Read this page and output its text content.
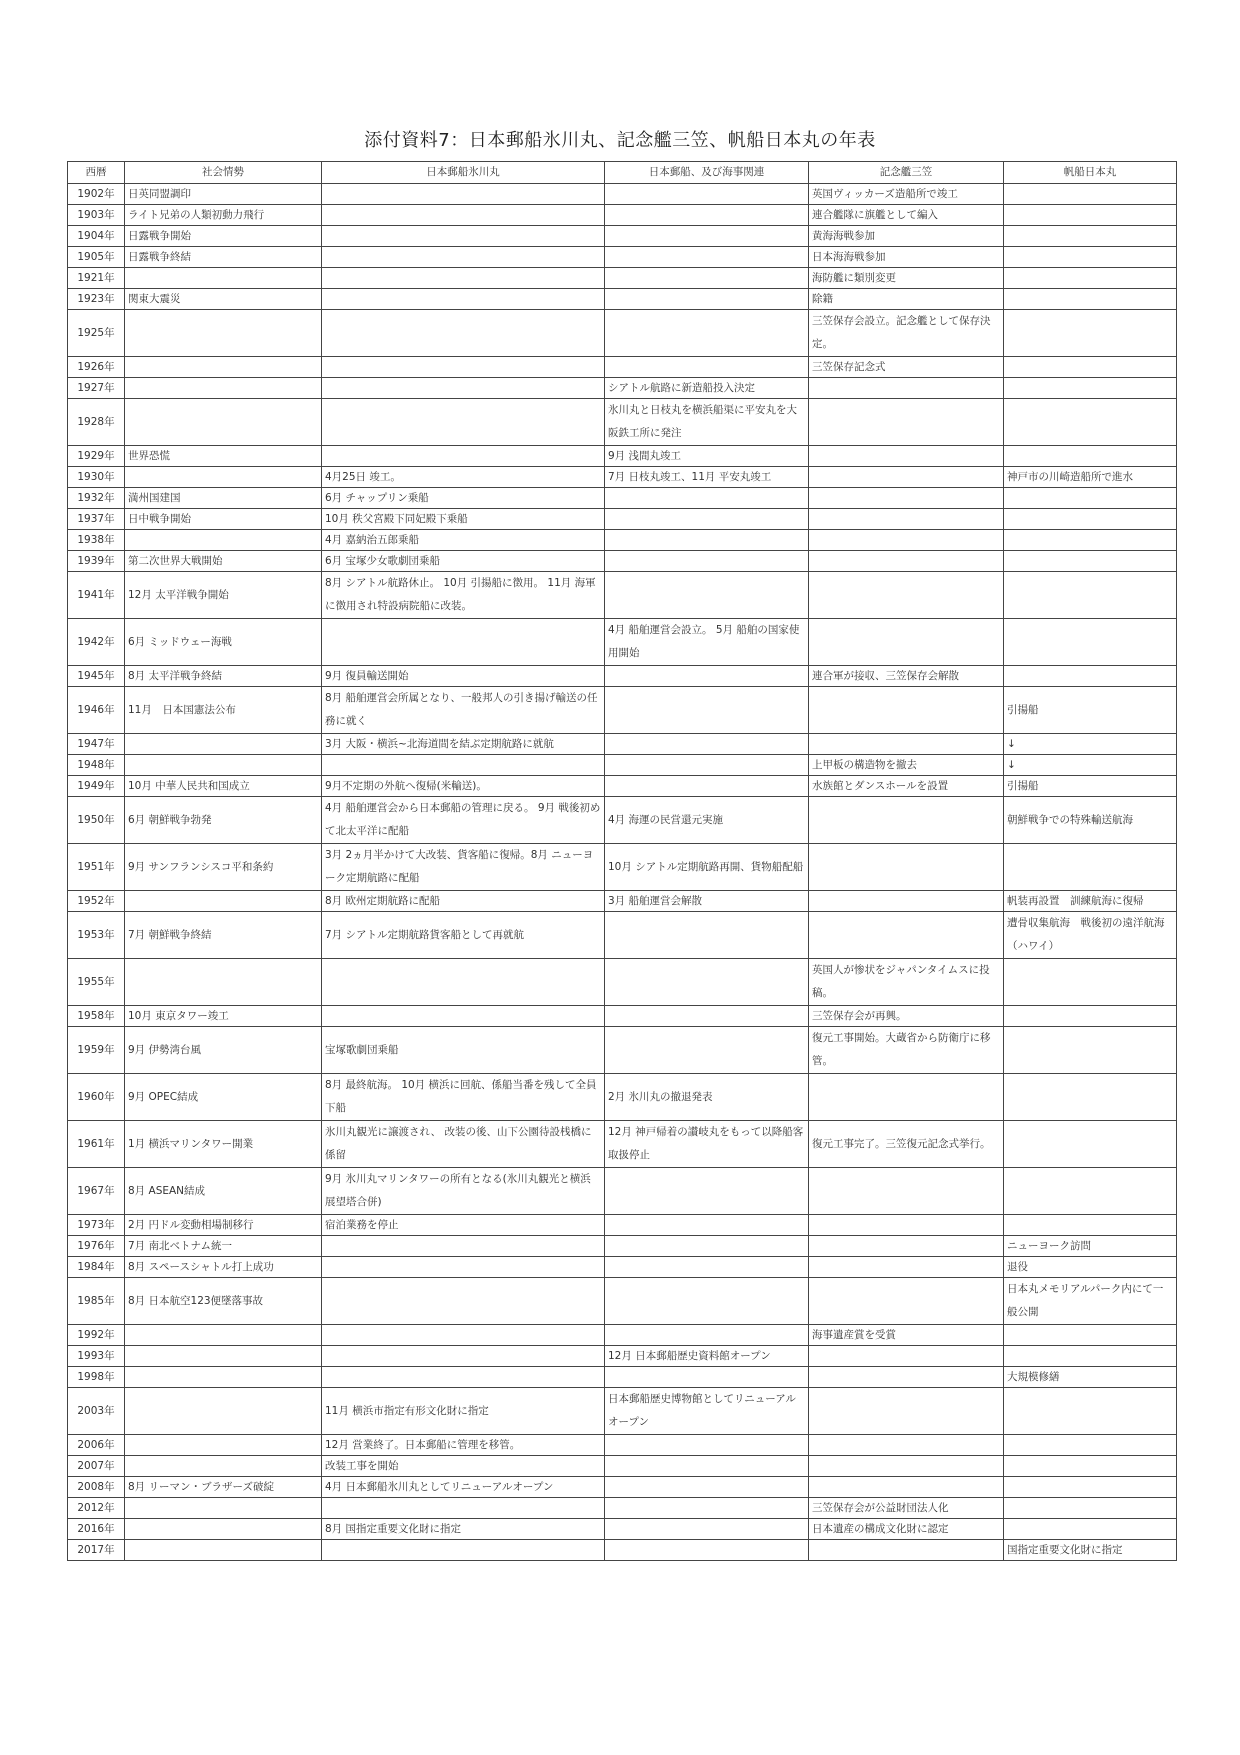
添付資料7：日本郵船氷川丸、記念艦三笠、帆船日本丸の年表
西暦	社会情勢	日本郵船氷川丸	日本郵船、及び海事関連	記念艦三笠	帆船日本丸
1902年	日英同盟調印			英国ヴィッカーズ造船所で竣工	
1903年	ライト兄弟の人類初動力飛行			連合艦隊に旗艦として編入	
1904年	日露戦争開始			黄海海戦参加	
1905年	日露戦争終結			日本海海戦参加	
1921年				海防艦に類別変更	
1923年	関東大震災			除籍	
1925年				三笠保存会設立。記念艦として保存決定。	
1926年				三笠保存記念式	
1927年			シアトル航路に新造船投入決定		
1928年			氷川丸と日枝丸を横浜船渠に平安丸を大阪鉄工所に発注		
1929年	世界恐慌		9月 浅間丸竣工		
1930年		4月25日 竣工。	7月 日枝丸竣工、11月 平安丸竣工		神戸市の川崎造船所で進水
1932年	満州国建国	6月 チャップリン乗船			
1937年	日中戦争開始	10月 秩父宮殿下同妃殿下乗船			
1938年		4月 嘉納治五郎乗船			
1939年	第二次世界大戦開始	6月 宝塚少女歌劇団乗船			
1941年	12月 太平洋戦争開始	8月 シアトル航路休止。 10月 引揚船に徴用。 11月 海軍に徴用され特設病院船に改装。			
1942年	6月 ミッドウェー海戦		4月 船舶運営会設立。 5月 船舶の国家使用開始		
1945年	8月 太平洋戦争終結	9月 復員輸送開始		連合軍が接収、三笠保存会解散	
1946年	11月　日本国憲法公布	8月 船舶運営会所属となり、一般邦人の引き揚げ輸送の任務に就く			引揚船
1947年		3月 大阪・横浜~北海道間を結ぶ定期航路に就航			↓
1948年				上甲板の構造物を撤去	↓
1949年	10月 中華人民共和国成立	9月不定期の外航へ復帰(米輸送)。		水族館とダンスホールを設置	引揚船
1950年	6月 朝鮮戦争勃発	4月 船舶運営会から日本郵船の管理に戻る。 9月 戦後初めて北太平洋に配船	4月 海運の民営還元実施		朝鮮戦争での特殊輸送航海
1951年	9月 サンフランシスコ平和条約	3月 2ヵ月半かけて大改装、貨客船に復帰。8月 ニューヨーク定期航路に配船	10月 シアトル定期航路再開、貨物船配船		
1952年		8月 欧州定期航路に配船	3月 船舶運営会解散		帆装再設置　訓練航海に復帰
1953年	7月 朝鮮戦争終結	7月 シアトル定期航路貨客船として再就航			遭骨収集航海　戦後初の遠洋航海（ハワイ）
1955年				英国人が惨状をジャパンタイムスに投稿。	
1958年	10月 東京タワー竣工			三笠保存会が再興。	
1959年	9月 伊勢湾台風	宝塚歌劇団乗船		復元工事開始。大蔵省から防衛庁に移管。	
1960年	9月 OPEC結成	8月 最終航海。 10月 横浜に回航、係船当番を残して全員下船	2月 氷川丸の撤退発表		
1961年	1月 横浜マリンタワー開業	氷川丸観光に譲渡され、 改装の後、山下公園待設桟橋に係留	12月 神戸帰着の讃岐丸をもって以降船客取扱停止	復元工事完了。三笠復元記念式挙行。	
1967年	8月 ASEAN結成	9月 氷川丸マリンタワーの所有となる(氷川丸観光と横浜展望塔合併)			
1973年	2月 円ドル変動相場制移行	宿泊業務を停止			
1976年	7月 南北ベトナム統一				ニューヨーク訪問
1984年	8月 スペースシャトル打上成功				退役
1985年	8月 日本航空123便墜落事故				日本丸メモリアルパーク内にて一般公開
1992年				海事遺産賞を受賞	
1993年			12月 日本郵船歴史資料館オープン		
1998年					大規模修繕
2003年		11月 横浜市指定有形文化財に指定	日本郵船歴史博物館としてリニューアルオープン		
2006年		12月 営業終了。日本郵船に管理を移管。			
2007年		改装工事を開始			
2008年	8月 リーマン・ブラザーズ破綻	4月 日本郵船氷川丸としてリニューアルオープン			
2012年				三笠保存会が公益財団法人化	
2016年		8月 国指定重要文化財に指定		日本遺産の構成文化財に認定	
2017年					国指定重要文化財に指定
